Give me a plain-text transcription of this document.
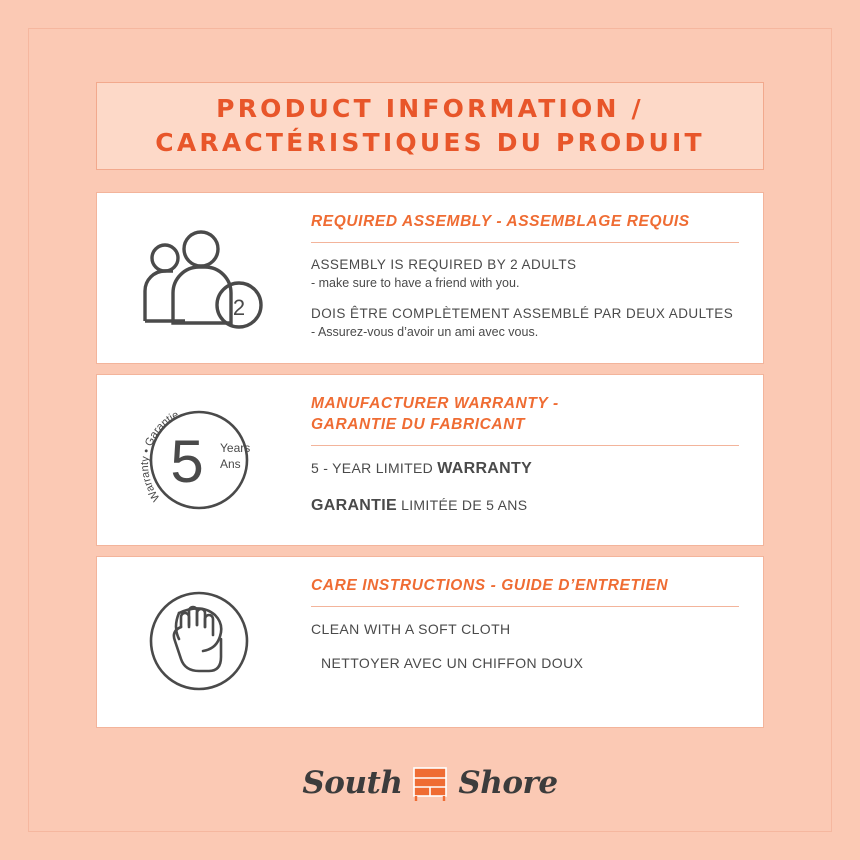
PRODUCT INFORMATION /
CARACTÉRISTIQUES DU PRODUIT
2
REQUIRED ASSEMBLY - ASSEMBLAGE REQUIS
ASSEMBLY IS REQUIRED BY 2 ADULTS
- make sure to have a friend with you.
DOIS ÊTRE COMPLÈTEMENT ASSEMBLÉ PAR DEUX ADULTES
- Assurez-vous d’avoir un ami avec vous.
5 Years
Ans
Warranty • Garantie
MANUFACTURER WARRANTY -
GARANTIE DU FABRICANT
5 - YEAR LIMITED WARRANTY
GARANTIE LIMITÉE DE 5 ANS
CARE INSTRUCTIONS - GUIDE D’ENTRETIEN
CLEAN WITH A SOFT CLOTH
NETTOYER AVEC UN CHIFFON DOUX
South Shore
